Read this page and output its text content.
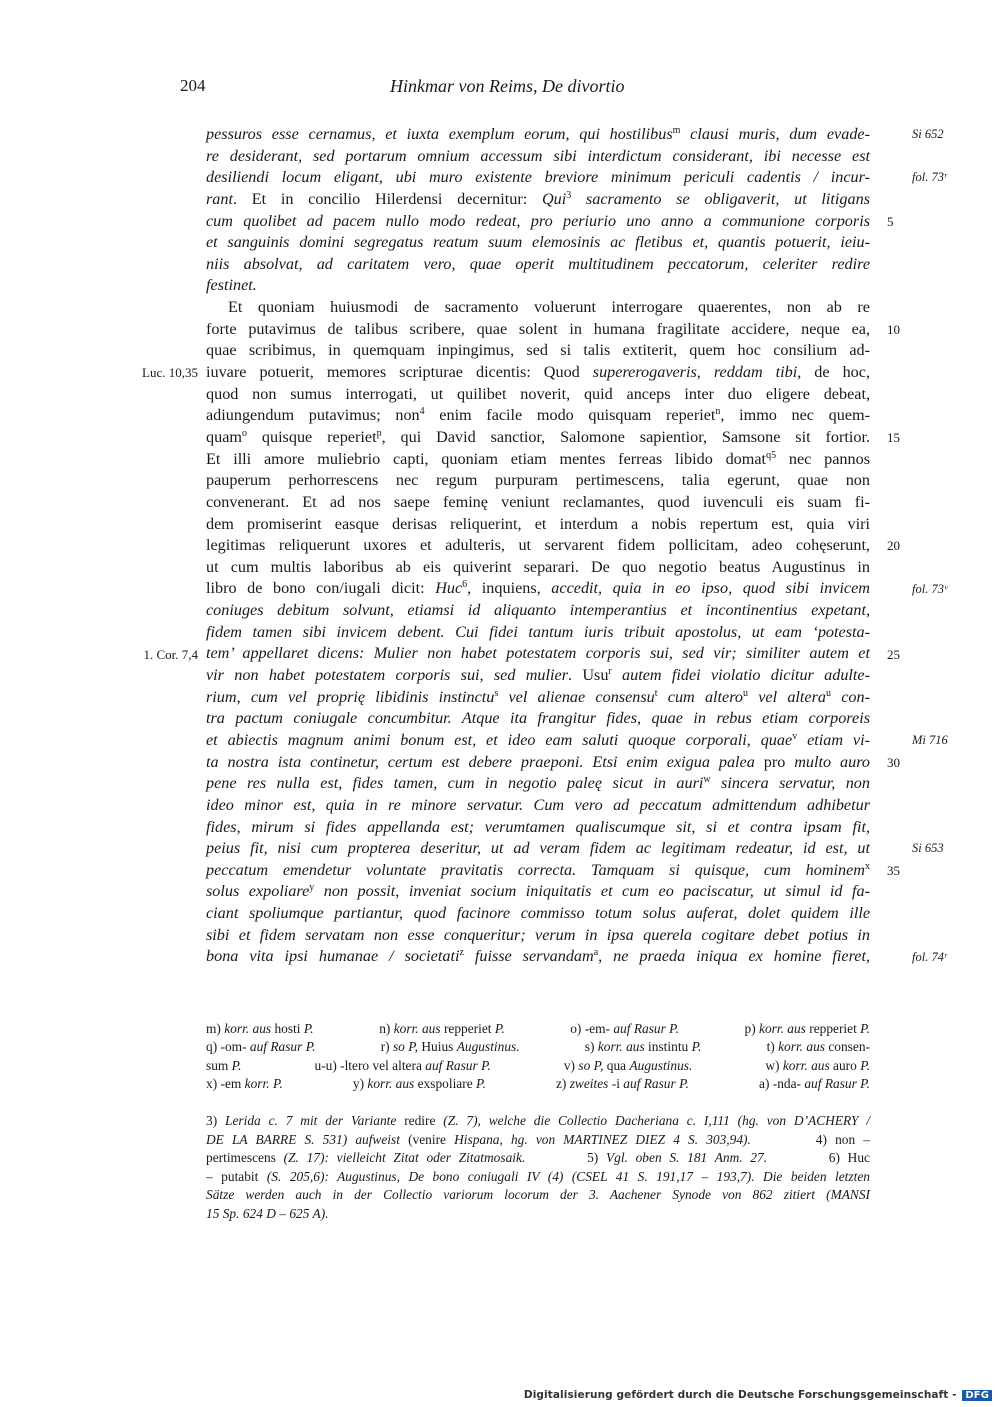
204	Hinkmar von Reims, De divortio
pessuros esse cernamus, et iuxta exemplum eorum, qui hostilibus$^m$ clausi muris, dum evade-
re desiderant, sed portarum omnium accessum sibi interdictum considerant, ibi necesse est
desiliendi locum eligant, ubi muro existente breviore minimum periculi cadentis / incur-
rant. Et in concilio Hilerdensi decernitur: Qui$^3$ sacramento se obligaverit, ut litigans
cum quolibet ad pacem nullo modo redeat, pro periurio uno anno a communione corporis
et sanguinis domini segregatus reatum suum elemosinis ac fletibus et, quantis potuerit, ieiu-
niis absolvat, ad caritatem vero, quae operit multitudinem peccatorum, celeriter redire
festinet.
Et quoniam huiusmodi de sacramento voluerunt interrogare quaerentes, non ab re
forte putavimus de talibus scribere, quae solent in humana fragilitate accidere, neque ea,
quae scribimus, in quemquam inpingimus, sed si talis extiterit, quem hoc consilium ad-
iuvare potuerit, memores scripturae dicentis: Quod supererogaveris, reddam tibi, de hoc,
quod non sumus interrogati, ut quilibet noverit, quid anceps inter duo eligere debeat,
adiungendum putavimus; non$^4$ enim facile modo quisquam reperiet$^n$, immo nec quem-
quam$^o$ quisque reperiet$^p$, qui David sanctior, Salomone sapientior, Samsone sit fortior.
Et illi amore muliebrio capti, quoniam etiam mentes ferreas libido domat$^{q5}$ nec pannos
pauperum perhorrescens nec regum purpuram pertimescens, talia egerunt, quae non
convenerant. Et ad nos saepe feminę veniunt reclamantes, quod iuvenculi eis suam fi-
dem promiserint easque derisas reliquerint, et interdum a nobis repertum est, quia viri
legitimas reliquerunt uxores et adulteris, ut servarent fidem pollicitam, adeo cohęserunt,
ut cum multis laboribus ab eis quiverint separari. De quo negotio beatus Augustinus in
libro de bono con/iugali dicit: Huc$^6$, inquiens, accedit, quia in eo ipso, quod sibi invicem
coniuges debitum solvunt, etiamsi id aliquanto intemperantius et incontinentius expetant,
fidem tamen sibi invicem debent. Cui fidei tantum iuris tribuit apostolus, ut eam ‘potesta-
tem’ appellaret dicens: Mulier non habet potestatem corporis sui, sed vir; similiter autem et
vir non habet potestatem corporis sui, sed mulier. Usu$^r$ autem fidei violatio dicitur adulte-
rium, cum vel proprię libidinis instinctu$^s$ vel alienae consensu$^t$ cum altero$^u$ vel altera$^u$ con-
tra pactum coniugale concumbitur. Atque ita frangitur fides, quae in rebus etiam corporeis
et abiectis magnum animi bonum est, et ideo eam saluti quoque corporali, quae$^v$ etiam vi-
ta nostra ista continetur, certum est debere praeponi. Etsi enim exigua palea pro multo auro
pene res nulla est, fides tamen, cum in negotio paleę sicut in auri$^w$ sincera servatur, non
ideo minor est, quia in re minore servatur. Cum vero ad peccatum admittendum adhibetur
fides, mirum si fides appellanda est; verumtamen qualiscumque sit, si et contra ipsam fit,
peius fit, nisi cum propterea deseritur, ut ad veram fidem ac legitimam redeatur, id est, ut
peccatum emendetur voluntate pravitatis correcta. Tamquam si quisque, cum hominem$^x$
solus expoliare$^y$ non possit, inveniat socium iniquitatis et cum eo paciscatur, ut simul id fa-
ciant spoliumque partiantur, quod facinore commisso totum solus auferat, dolet quidem ille
sibi et fidem servatam non esse conqueritur; verum in ipsa querela cogitare debet potius in
bona vita ipsi humanae / societati$^z$ fuisse servandam$^a$, ne praeda iniqua ex homine fieret,
5
10
15
20
25
30
35
Si 652
fol. 73ʳ
fol. 73ᵛ
Mi 716
Si 653
fol. 74ʳ
Luc. 10,35
1. Cor. 7,4
m) korr. aus hosti P.	n) korr. aus repperiet P.	o) -em- auf Rasur P.	p) korr. aus repperiet P.
q) -om- auf Rasur P.	r) so P, Huius Augustinus.	s) korr. aus instintu P.	t) korr. aus consen-
sum P.	u-u) -ltero vel altera auf Rasur P.	v) so P, qua Augustinus.	w) korr. aus auro P.
x) -em korr. P.	y) korr. aus exspoliare P.	z) zweites -i auf Rasur P.	a) -nda- auf Rasur P.
3) Lerida c. 7 mit der Variante redire (Z. 7), welche die Collectio Dacheriana c. I,111 (hg. von D’ACHERY /
DE LA BARRE S. 531) aufweist (venire Hispana, hg. von MARTINEZ DIEZ 4 S. 303,94).        4) non –
pertimescens (Z. 17): vielleicht Zitat oder Zitatmosaik.        5) Vgl. oben S. 181 Anm. 27.        6) Huc
– putabit (S. 205,6): Augustinus, De bono coniugali IV (4) (CSEL 41 S. 191,17 – 193,7). Die beiden letzten
Sätze werden auch in der Collectio variorum locorum der 3. Aachener Synode von 862 zitiert (MANSI
15 Sp. 624 D – 625 A).
Digitalisierung gefördert durch die Deutsche Forschungsgemeinschaft - DFG
